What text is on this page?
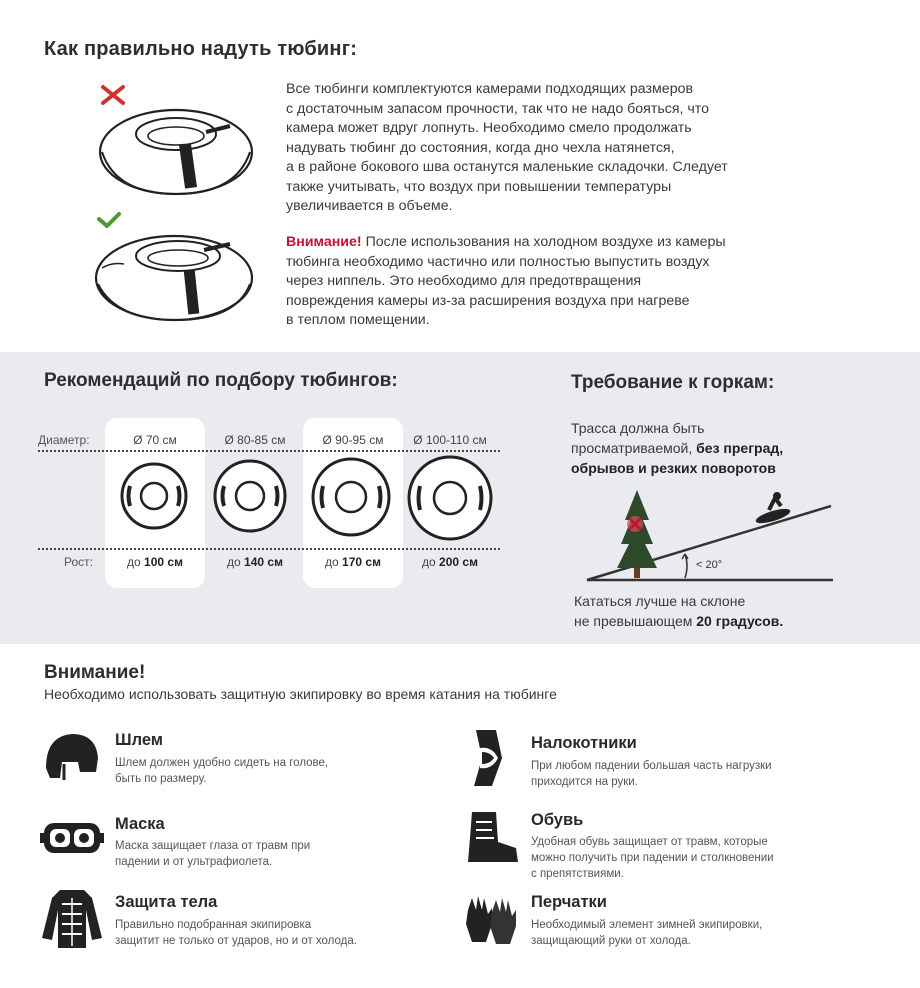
Как правильно надуть тюбинг:
Все тюбинги комплектуются камерами подходящих размеров
с достаточным запасом прочности, так что не надо бояться, что
камера может вдруг лопнуть. Необходимо смело продолжать
надувать тюбинг до состояния, когда дно чехла натянется,
а в районе бокового шва останутся маленькие складочки. Следует
также учитывать, что воздух при повышении температуры
увеличивается в объеме.
Внимание! После использования на холодном воздухе из камеры
тюбинга необходимо частично или полностью выпустить воздух
через ниппель. Это необходимо для предотвращения
повреждения камеры из-за расширения воздуха при нагреве
в теплом помещении.
Рекомендаций по подбору тюбингов:
Диаметр:	Ø 70 см	Ø 80-85 см	Ø 90-95 см	Ø 100-110 см
Рост:	до 100 см	до 140 см	до 170 см	до 200 см
Требование к горкам:
Трасса должна быть
просматриваемой, без преград,
обрывов и резких поворотов
< 20°
Кататься лучше на склоне
не превышающем 20 градусов.
Внимание!
Необходимо использовать защитную экипировку во время катания на тюбинге
Шлем
Шлем должен удобно сидеть на голове,
быть по размеру.
Налокотники
При любом падении большая часть нагрузки
приходится на руки.
Маска
Маска защищает глаза от травм при
падении и от ультрафиолета.
Обувь
Удобная обувь защищает от травм, которые
можно получить при падении и столкновении
с препятствиями.
Защита тела
Правильно подобранная экипировка
защитит не только от ударов, но и от холода.
Перчатки
Необходимый элемент зимней экипировки,
защищающий руки от холода.
